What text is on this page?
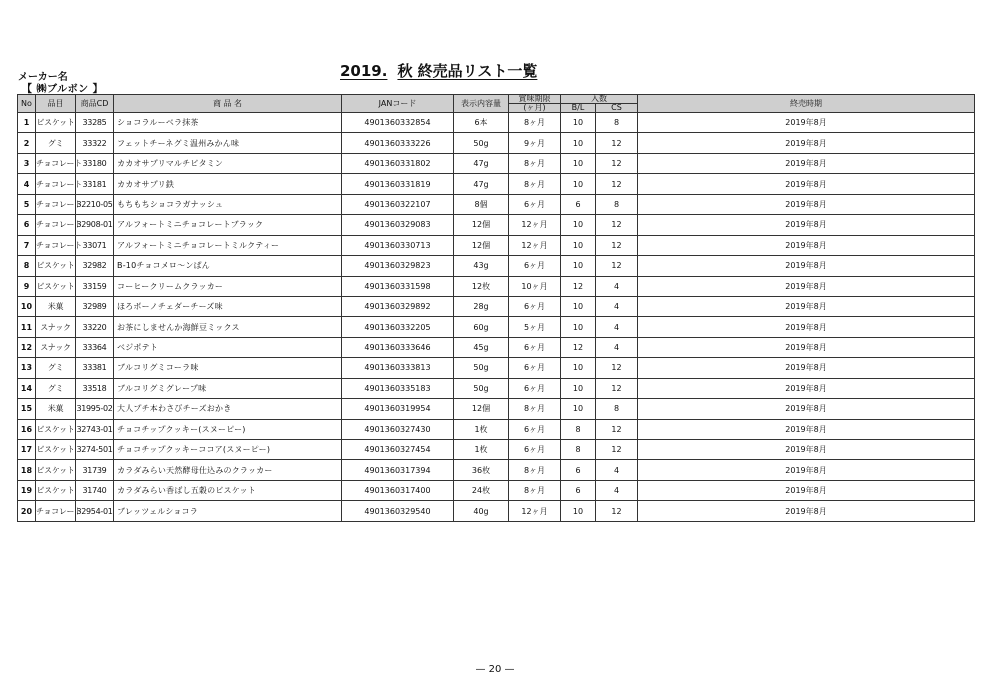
メーカー名
【 ㈱ブルボン 】
2019. 秋 終売品リスト一覧
No	品目	商品CD	商 品 名	JANコード	表示内容量	賞味期限	入数		終売時期
						(ヶ月)	B/L	CS	
1	ビスケット	33285	ショコラルーベラ抹茶	4901360332854	6本	8ヶ月	10	8	2019年8月
2	グミ	33322	フェットチーネグミ温州みかん味	4901360333226	50g	9ヶ月	10	12	2019年8月
3	チョコレート	33180	カカオサプリマルチビタミン	4901360331802	47g	8ヶ月	10	12	2019年8月
4	チョコレート	33181	カカオサプリ鉄	4901360331819	47g	8ヶ月	10	12	2019年8月
5	チョコレート	32210-05	もちもちショコラガナッシュ	4901360322107	8個	6ヶ月	6	8	2019年8月
6	チョコレート	32908-01	アルフォートミニチョコレートブラック	4901360329083	12個	12ヶ月	10	12	2019年8月
7	チョコレート	33071	アルフォートミニチョコレートミルクティー	4901360330713	12個	12ヶ月	10	12	2019年8月
8	ビスケット	32982	B-10チョコメロ〜ンぱん	4901360329823	43g	6ヶ月	10	12	2019年8月
9	ビスケット	33159	コーヒークリームクラッカー	4901360331598	12枚	10ヶ月	12	4	2019年8月
10	米菓	32989	ほろボーノチェダーチーズ味	4901360329892	28g	6ヶ月	10	4	2019年8月
11	スナック	33220	お茶にしませんか海鮮豆ミックス	4901360332205	60g	5ヶ月	10	4	2019年8月
12	スナック	33364	ベジポテト	4901360333646	45g	6ヶ月	12	4	2019年8月
13	グミ	33381	ブルコリグミコーラ味	4901360333813	50g	6ヶ月	10	12	2019年8月
14	グミ	33518	ブルコリグミグレープ味	4901360335183	50g	6ヶ月	10	12	2019年8月
15	米菓	31995-02	大人プチ本わさびチーズおかき	4901360319954	12個	8ヶ月	10	8	2019年8月
16	ビスケット	32743-01	チョコチップクッキー(スヌーピー)	4901360327430	1枚	6ヶ月	8	12	2019年8月
17	ビスケット	3274-501	チョコチップクッキーココア(スヌーピー)	4901360327454	1枚	6ヶ月	8	12	2019年8月
18	ビスケット	31739	カラダみらい天然酵母仕込みのクラッカー	4901360317394	36枚	8ヶ月	6	4	2019年8月
19	ビスケット	31740	カラダみらい香ばし五穀のビスケット	4901360317400	24枚	8ヶ月	6	4	2019年8月
20	チョコレート	32954-01	ブレッツェルショコラ	4901360329540	40g	12ヶ月	10	12	2019年8月
— 20 —
